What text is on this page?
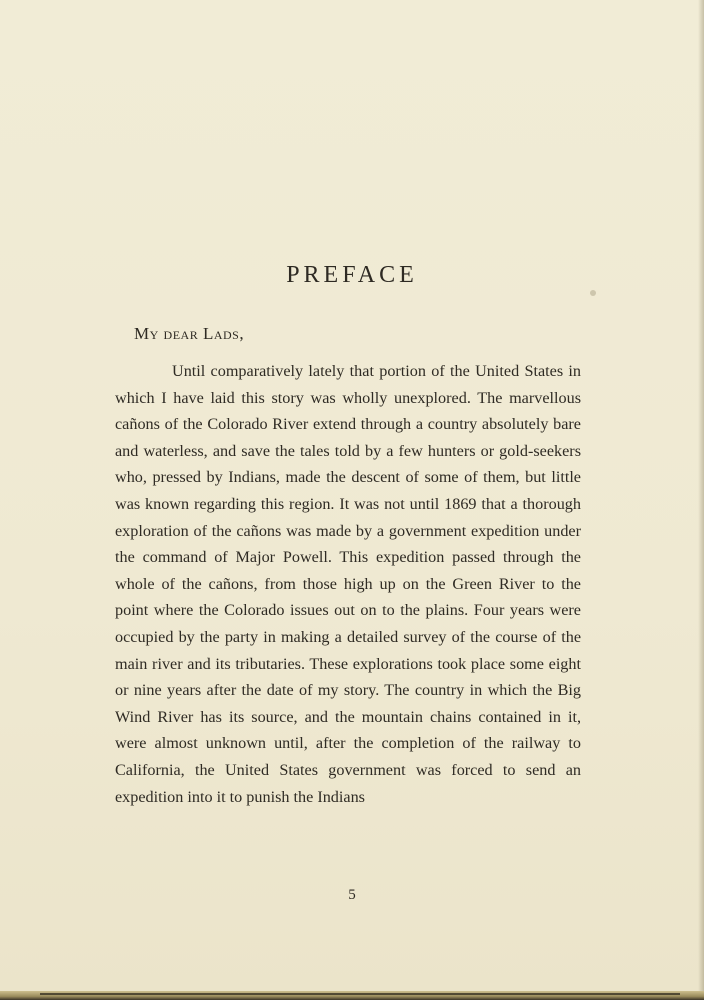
PREFACE
My dear Lads,

Until comparatively lately that portion of the United States in which I have laid this story was wholly unexplored. The marvellous cañons of the Colorado River extend through a country absolutely bare and waterless, and save the tales told by a few hunters or gold-seekers who, pressed by Indians, made the descent of some of them, but little was known regarding this region. It was not until 1869 that a thorough exploration of the cañons was made by a government expedition under the command of Major Powell. This expedition passed through the whole of the cañons, from those high up on the Green River to the point where the Colorado issues out on to the plains. Four years were occupied by the party in making a detailed survey of the course of the main river and its tributaries. These explorations took place some eight or nine years after the date of my story. The country in which the Big Wind River has its source, and the mountain chains contained in it, were almost unknown until, after the completion of the railway to California, the United States government was forced to send an expedition into it to punish the Indians

5
